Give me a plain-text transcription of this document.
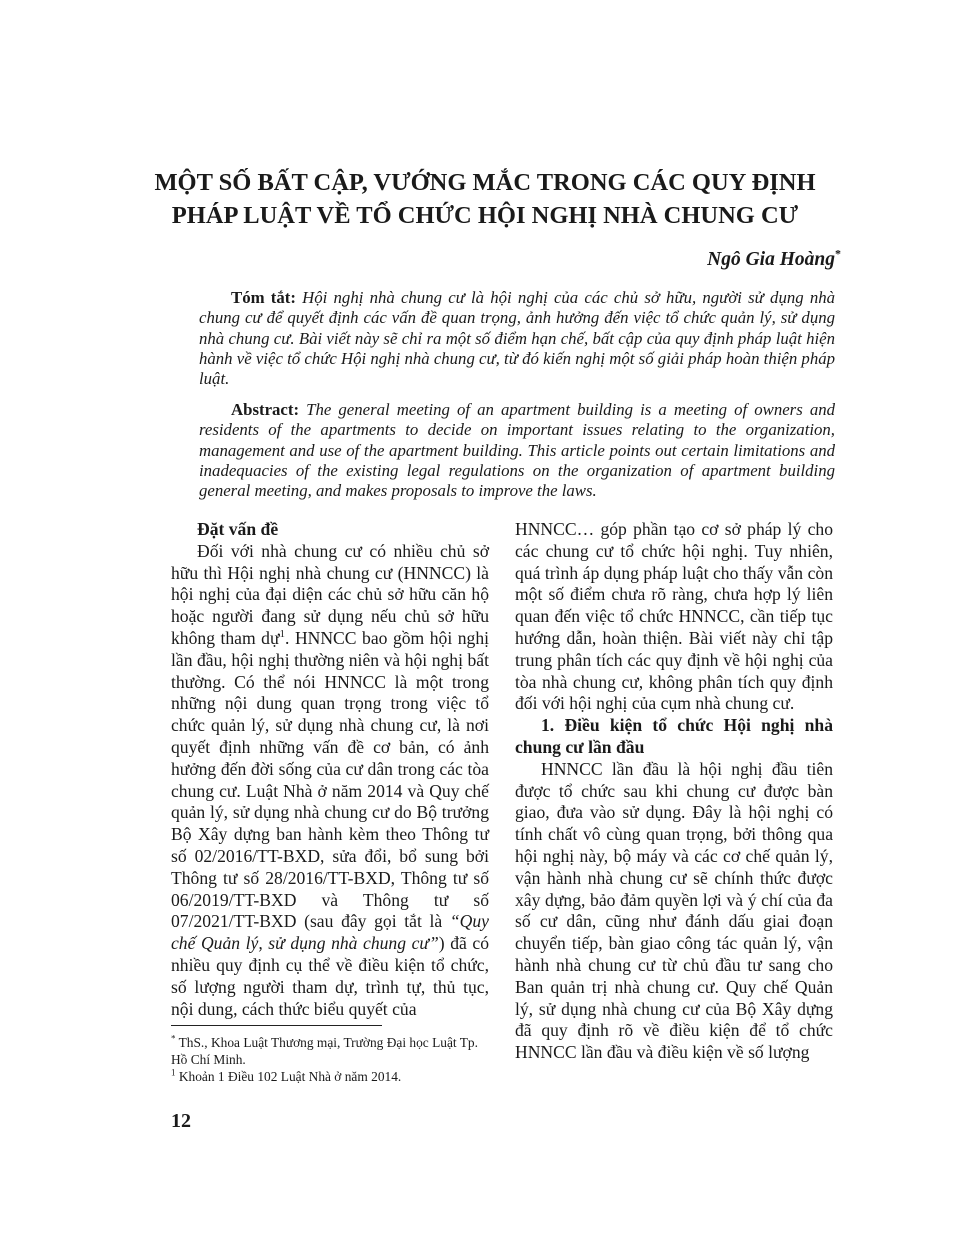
MỘT SỐ BẤT CẬP, VƯỚNG MẮC TRONG CÁC QUY ĐỊNH
PHÁP LUẬT VỀ TỔ CHỨC HỘI NGHỊ NHÀ CHUNG CƯ
Ngô Gia Hoàng*

Tóm tắt: Hội nghị nhà chung cư là hội nghị của các chủ sở hữu, người sử dụng nhà chung cư để quyết định các vấn đề quan trọng, ảnh hưởng đến việc tổ chức quản lý, sử dụng nhà chung cư. Bài viết này sẽ chỉ ra một số điểm hạn chế, bất cập của quy định pháp luật hiện hành về việc tổ chức Hội nghị nhà chung cư, từ đó kiến nghị một số giải pháp hoàn thiện pháp luật.

Abstract: The general meeting of an apartment building is a meeting of owners and residents of the apartments to decide on important issues relating to the organization, management and use of the apartment building. This article points out certain limitations and inadequacies of the existing legal regulations on the organization of apartment building general meeting, and makes proposals to improve the laws.

Đặt vấn đề

Đối với nhà chung cư có nhiều chủ sở hữu thì Hội nghị nhà chung cư (HNNCC) là hội nghị của đại diện các chủ sở hữu căn hộ hoặc người đang sử dụng nếu chủ sở hữu không tham dự$^1$. HNNCC bao gồm hội nghị lần đầu, hội nghị thường niên và hội nghị bất thường. Có thể nói HNNCC là một trong những nội dung quan trọng trong việc tổ chức quản lý, sử dụng nhà chung cư, là nơi quyết định những vấn đề cơ bản, có ảnh hưởng đến đời sống của cư dân trong các tòa chung cư. Luật Nhà ở năm 2014 và Quy chế quản lý, sử dụng nhà chung cư do Bộ trưởng Bộ Xây dựng ban hành kèm theo Thông tư số 02/2016/TT-BXD, sửa đổi, bổ sung bởi Thông tư số 28/2016/TT-BXD, Thông tư số 06/2019/TT-BXD và Thông tư số 07/2021/TT-BXD (sau đây gọi tắt là “Quy chế Quản lý, sử dụng nhà chung cư”) đã có nhiều quy định cụ thể về điều kiện tổ chức, số lượng người tham dự, trình tự, thủ tục, nội dung, cách thức biểu quyết của

HNNCC… góp phần tạo cơ sở pháp lý cho các chung cư tổ chức hội nghị. Tuy nhiên, quá trình áp dụng pháp luật cho thấy vẫn còn một số điểm chưa rõ ràng, chưa hợp lý liên quan đến việc tổ chức HNNCC, cần tiếp tục hướng dẫn, hoàn thiện. Bài viết này chỉ tập trung phân tích các quy định về hội nghị của tòa nhà chung cư, không phân tích quy định đối với hội nghị của cụm nhà chung cư.

1. Điều kiện tổ chức Hội nghị nhà chung cư lần đầu

HNNCC lần đầu là hội nghị đầu tiên được tổ chức sau khi chung cư được bàn giao, đưa vào sử dụng. Đây là hội nghị có tính chất vô cùng quan trọng, bởi thông qua hội nghị này, bộ máy và các cơ chế quản lý, vận hành nhà chung cư sẽ chính thức được xây dựng, bảo đảm quyền lợi và ý chí của đa số cư dân, cũng như đánh dấu giai đoạn chuyển tiếp, bàn giao công tác quản lý, vận hành nhà chung cư từ chủ đầu tư sang cho Ban quản trị nhà chung cư. Quy chế Quản lý, sử dụng nhà chung cư của Bộ Xây dựng đã quy định rõ về điều kiện để tổ chức HNNCC lần đầu và điều kiện về số lượng

* ThS., Khoa Luật Thương mại, Trường Đại học Luật Tp. Hồ Chí Minh.

$^1$ Khoản 1 Điều 102 Luật Nhà ở năm 2014.

12
